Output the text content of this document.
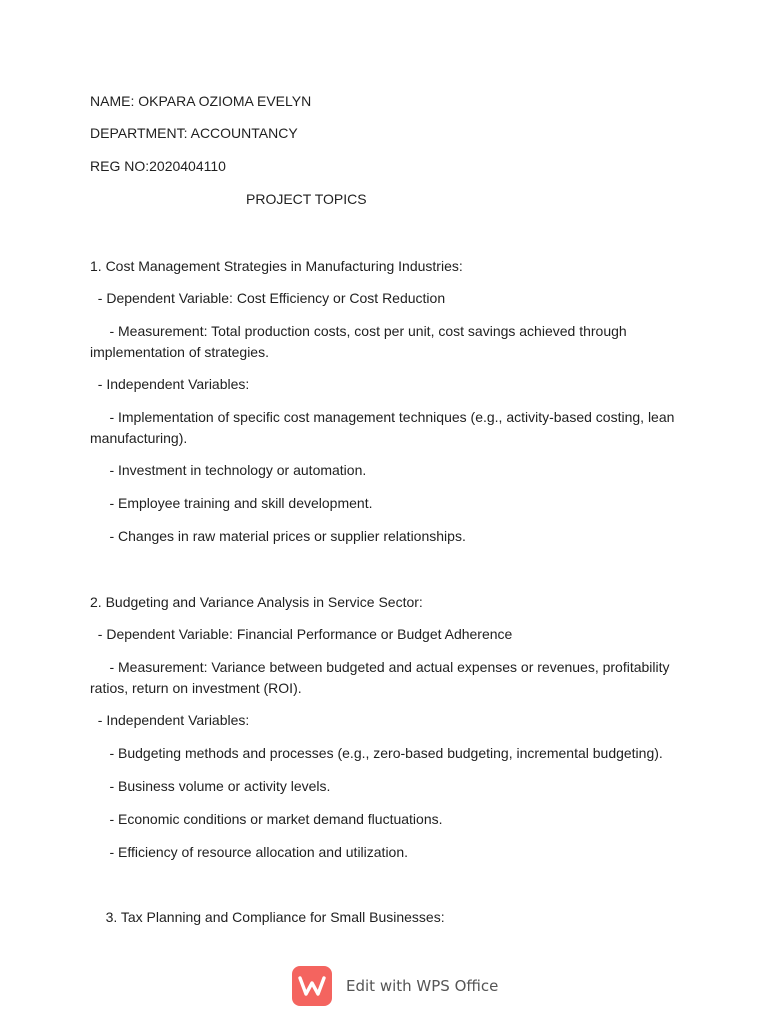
NAME: OKPARA OZIOMA EVELYN

DEPARTMENT: ACCOUNTANCY

REG NO:2020404110

PROJECT TOPICS

1. Cost Management Strategies in Manufacturing Industries:

- Dependent Variable: Cost Efficiency or Cost Reduction

- Measurement: Total production costs, cost per unit, cost savings achieved through

implementation of strategies.

- Independent Variables:

- Implementation of specific cost management techniques (e.g., activity-based costing, lean

manufacturing).

- Investment in technology or automation.

- Employee training and skill development.

- Changes in raw material prices or supplier relationships.

2. Budgeting and Variance Analysis in Service Sector:

- Dependent Variable: Financial Performance or Budget Adherence

- Measurement: Variance between budgeted and actual expenses or revenues, profitability

ratios, return on investment (ROI).

- Independent Variables:

- Budgeting methods and processes (e.g., zero-based budgeting, incremental budgeting).

- Business volume or activity levels.

- Economic conditions or market demand fluctuations.

- Efficiency of resource allocation and utilization.

3. Tax Planning and Compliance for Small Businesses:

Edit with WPS Office
